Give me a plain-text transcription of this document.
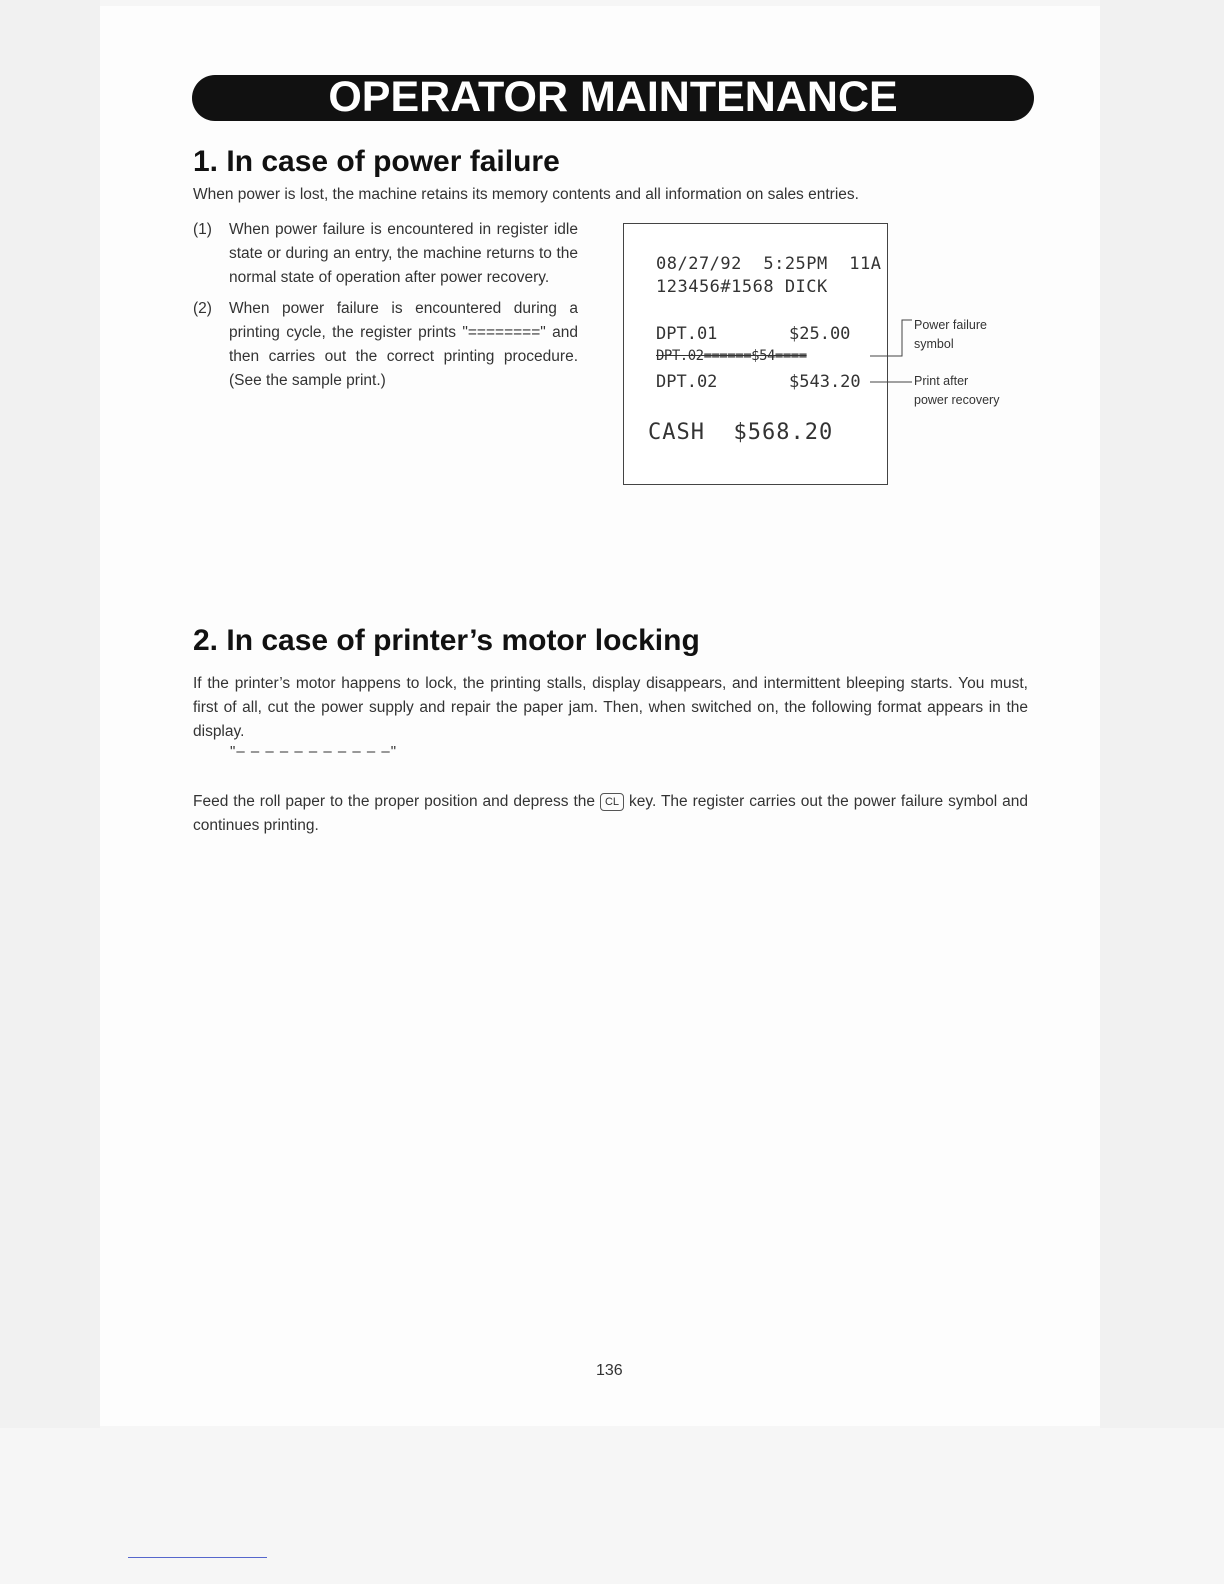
OPERATOR MAINTENANCE
1. In case of power failure

When power is lost, the machine retains its memory contents and all information on sales entries.

(1)	When power failure is encountered in register idle state or during an entry, the machine returns to the normal state of operation after power recovery.
(2)	When power failure is encountered during a printing cycle, the register prints "========" and then carries out the correct printing procedure. (See the sample print.)
08/27/92  5:25PM  11A
123456#1568 DICK
DPT.01	$25.00
DPT.02======$54====
DPT.02	$543.20
CASH  $568.20
Power failure
symbol
Print after
power recovery
2. In case of printer’s motor locking

If the printer’s motor happens to lock, the printing stalls, display disappears, and intermittent bleeping starts. You must, first of all, cut the power supply and repair the paper jam. Then, when switched on, the following format appears in the display.

"– – – – – – – – – – –"

Feed the roll paper to the proper position and depress the CL key. The register carries out the power failure symbol and continues printing.

136
